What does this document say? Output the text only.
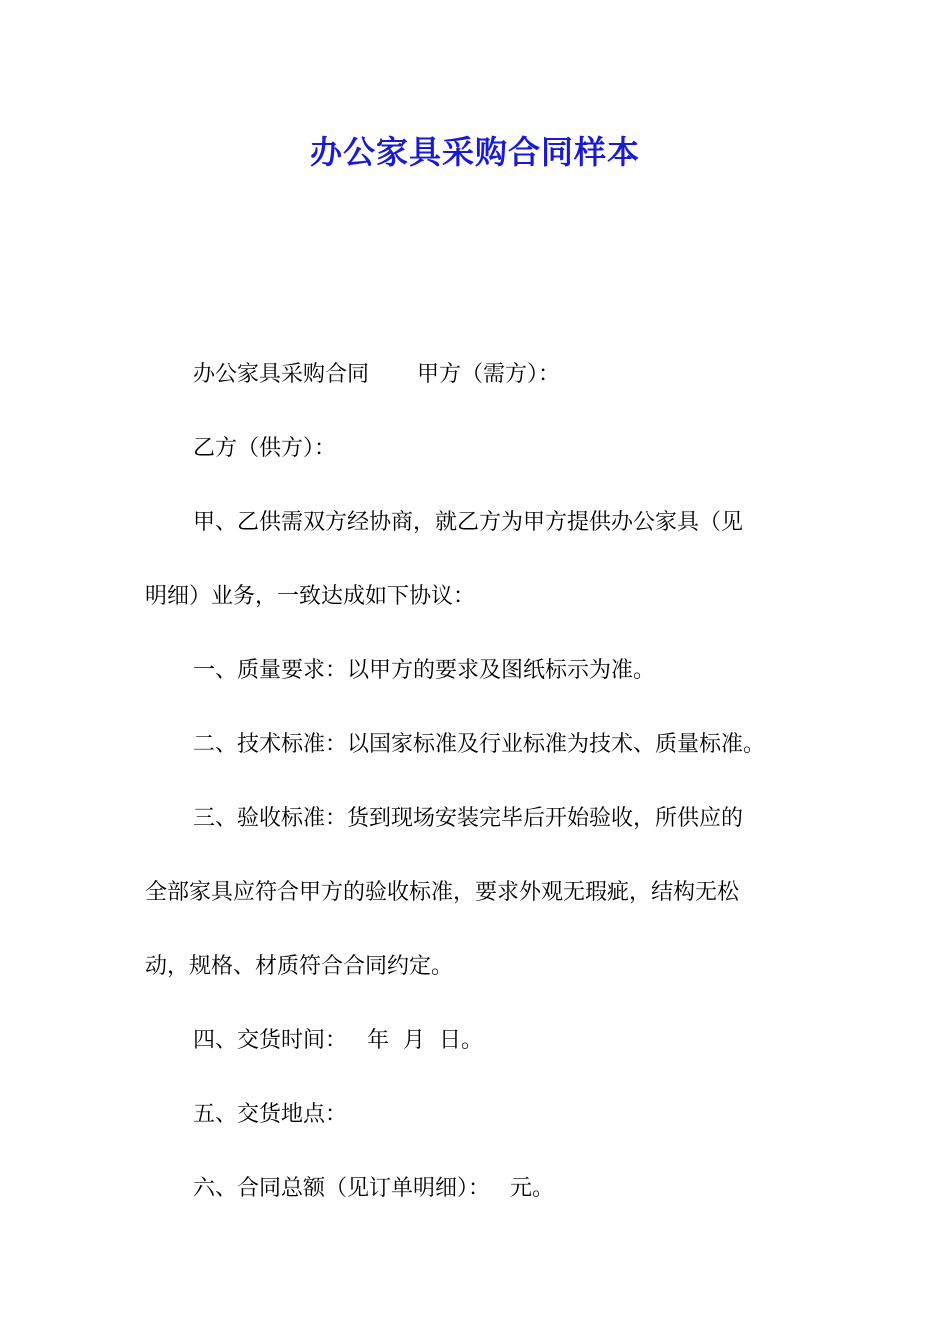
办公家具采购合同样本

办公家具采购合同 甲方（需方）：

乙方（供方）：

甲、乙供需双方经协商，就乙方为甲方提供办公家具（见

明细）业务，一致达成如下协议：

一、质量要求：以甲方的要求及图纸标示为准。

二、技术标准：以国家标准及行业标准为技术、质量标准。

三、验收标准：货到现场安装完毕后开始验收，所供应的

全部家具应符合甲方的验收标准，要求外观无瑕疵，结构无松

动，规格、材质符合合同约定。

四、交货时间： 年 月 日。

五、交货地点：

六、合同总额（见订单明细）： 元。
